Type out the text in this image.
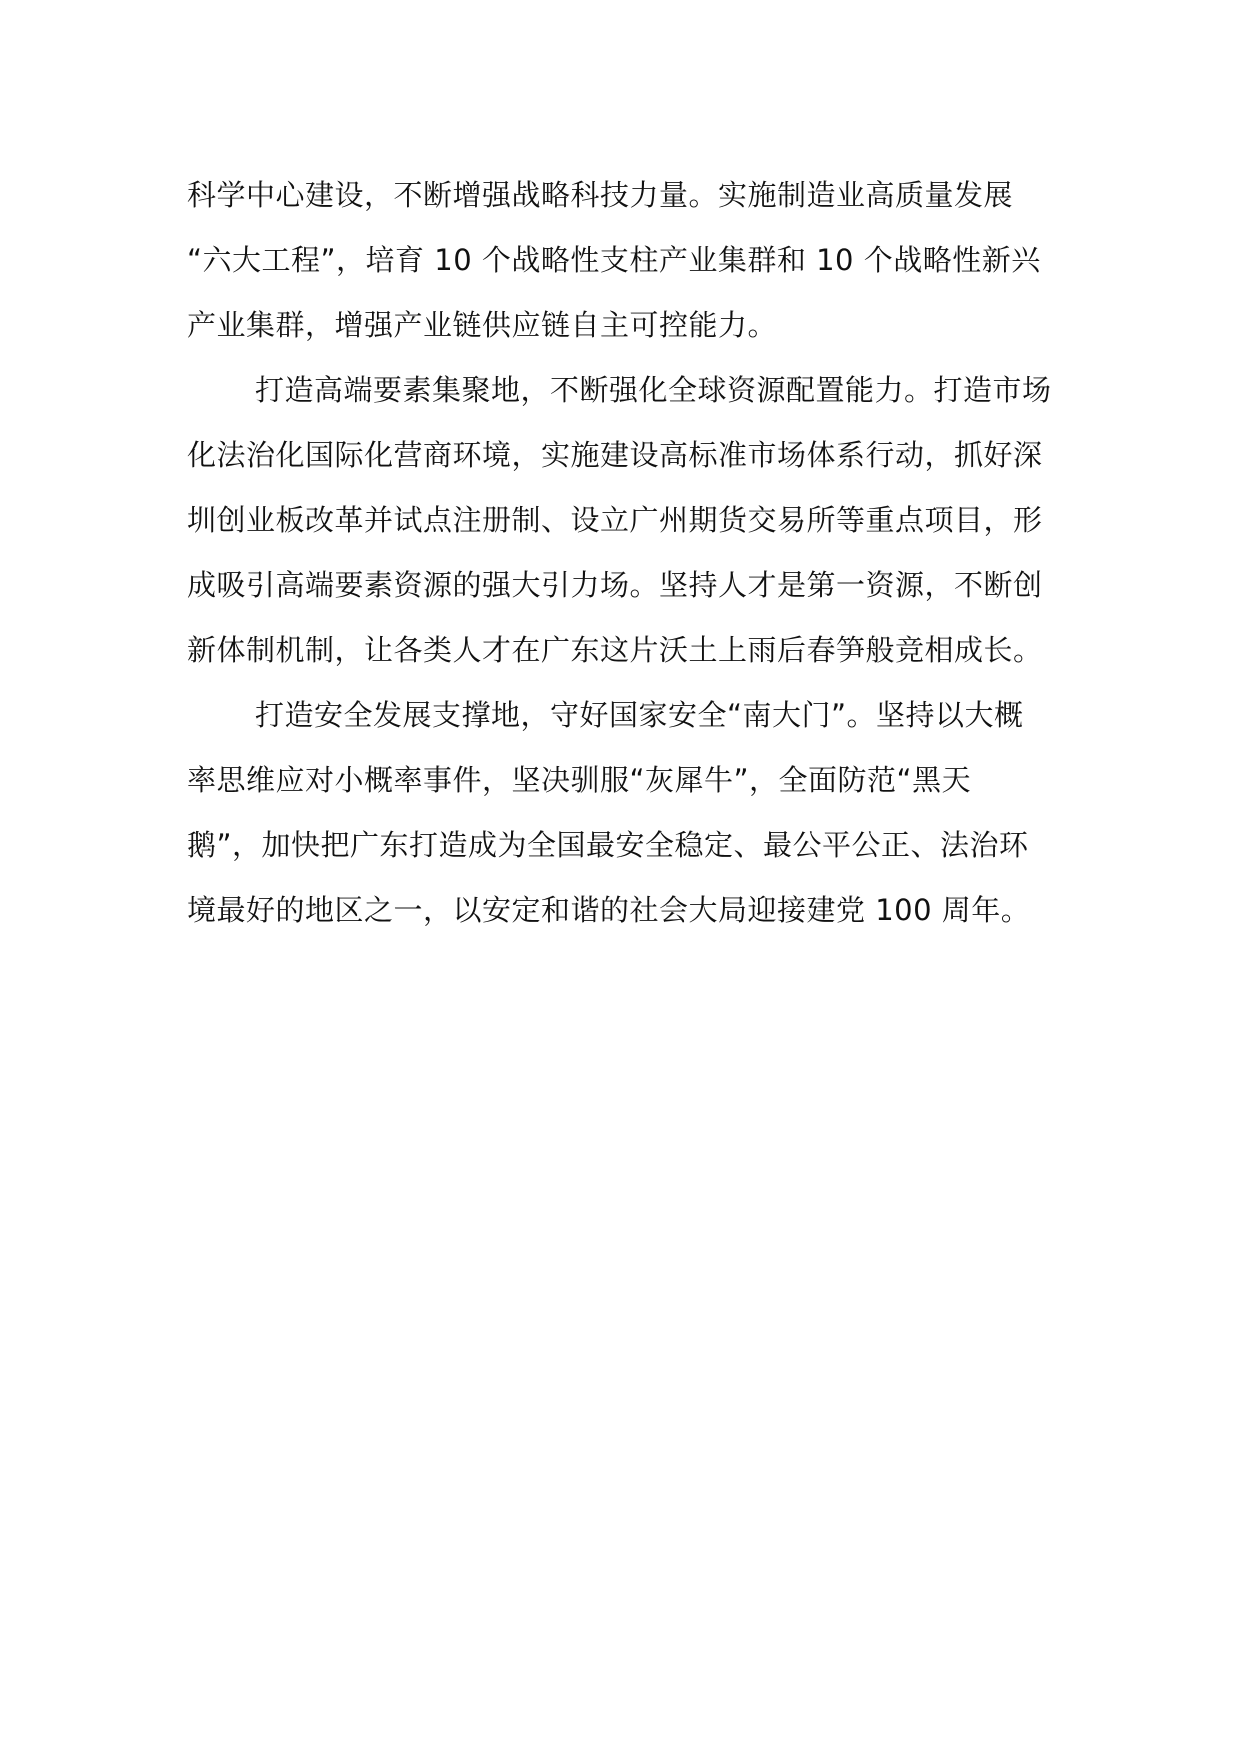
科学中心建设，不断增强战略科技力量。实施制造业高质量发展
“六大工程”，培育 10 个战略性支柱产业集群和 10 个战略性新兴
产业集群，增强产业链供应链自主可控能力。
打造高端要素集聚地，不断强化全球资源配置能力。打造市场
化法治化国际化营商环境，实施建设高标准市场体系行动，抓好深
圳创业板改革并试点注册制、设立广州期货交易所等重点项目，形
成吸引高端要素资源的强大引力场。坚持人才是第一资源，不断创
新体制机制，让各类人才在广东这片沃土上雨后春笋般竞相成长。
打造安全发展支撑地，守好国家安全“南大门”。坚持以大概
率思维应对小概率事件，坚决驯服“灰犀牛”，全面防范“黑天
鹅”，加快把广东打造成为全国最安全稳定、最公平公正、法治环
境最好的地区之一，以安定和谐的社会大局迎接建党 100 周年。
